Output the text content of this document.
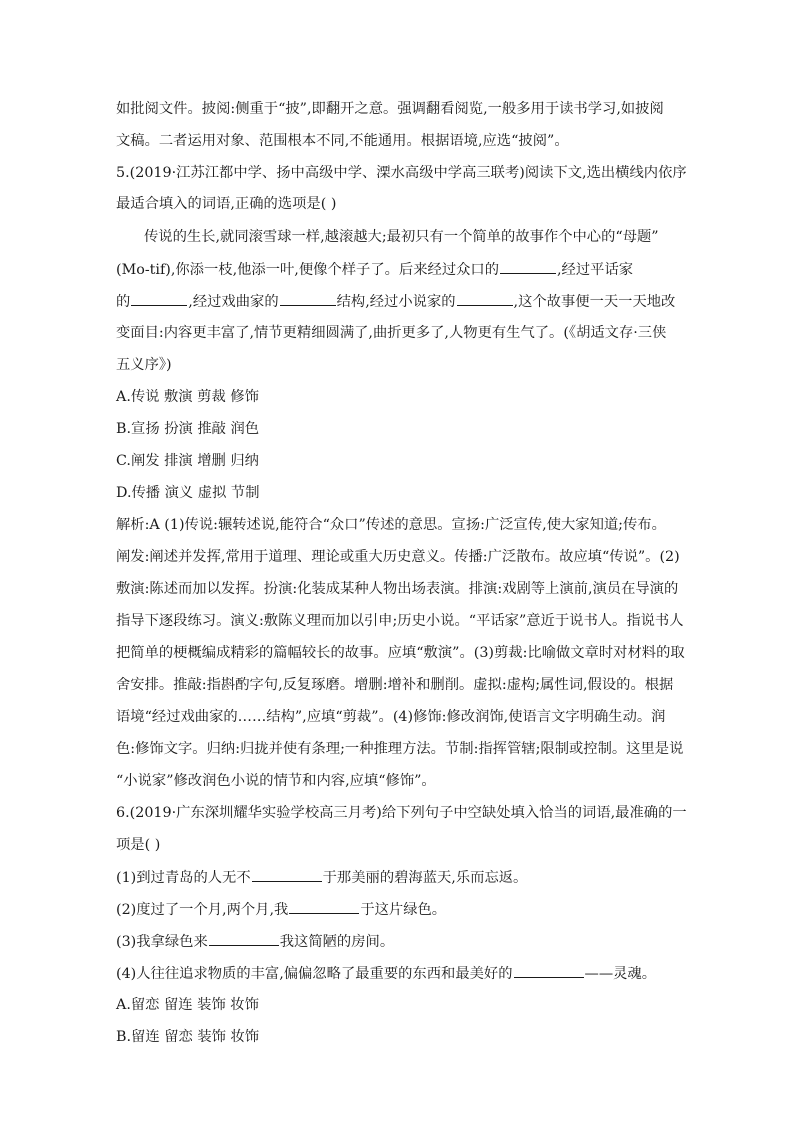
如批阅文件。披阅:侧重于“披”,即翻开之意。强调翻看阅览,一般多用于读书学习,如披阅
文稿。二者运用对象、范围根本不同,不能通用。根据语境,应选“披阅”。
5.(2019·江苏江都中学、扬中高级中学、溧水高级中学高三联考)阅读下文,选出横线内依序
最适合填入的词语,正确的选项是( )
传说的生长,就同滚雪球一样,越滚越大;最初只有一个简单的故事作个中心的“母题”
(Mo-tif),你添一枝,他添一叶,便像个样子了。后来经过众口的	,经过平话家
的	,经过戏曲家的	结构,经过小说家的	,这个故事便一天一天地改
变面目:内容更丰富了,情节更精细圆满了,曲折更多了,人物更有生气了。(《胡适文存·三侠
五义序》)
A.传说 敷演 剪裁 修饰
B.宣扬 扮演 推敲 润色
C.阐发 排演 增删 归纳
D.传播 演义 虚拟 节制
解析:A (1)传说:辗转述说,能符合“众口”传述的意思。宣扬:广泛宣传,使大家知道;传布。
阐发:阐述并发挥,常用于道理、理论或重大历史意义。传播:广泛散布。故应填“传说”。(2)
敷演:陈述而加以发挥。扮演:化装成某种人物出场表演。排演:戏剧等上演前,演员在导演的
指导下逐段练习。演义:敷陈义理而加以引申;历史小说。“平话家”意近于说书人。指说书人
把简单的梗概编成精彩的篇幅较长的故事。应填“敷演”。(3)剪裁:比喻做文章时对材料的取
舍安排。推敲:指斟酌字句,反复琢磨。增删:增补和删削。虚拟:虚构;属性词,假设的。根据
语境“经过戏曲家的……结构”,应填“剪裁”。(4)修饰:修改润饰,使语言文字明确生动。润
色:修饰文字。归纳:归拢并使有条理;一种推理方法。节制:指挥管辖;限制或控制。这里是说
“小说家”修改润色小说的情节和内容,应填“修饰”。
6.(2019·广东深圳耀华实验学校高三月考)给下列句子中空缺处填入恰当的词语,最准确的一
项是( )
(1)到过青岛的人无不	于那美丽的碧海蓝天,乐而忘返。
(2)度过了一个月,两个月,我	于这片绿色。
(3)我拿绿色来	我这简陋的房间。
(4)人往往追求物质的丰富,偏偏忽略了最重要的东西和最美好的	——灵魂。
A.留恋 留连 装饰 妆饰
B.留连 留恋 装饰 妆饰
